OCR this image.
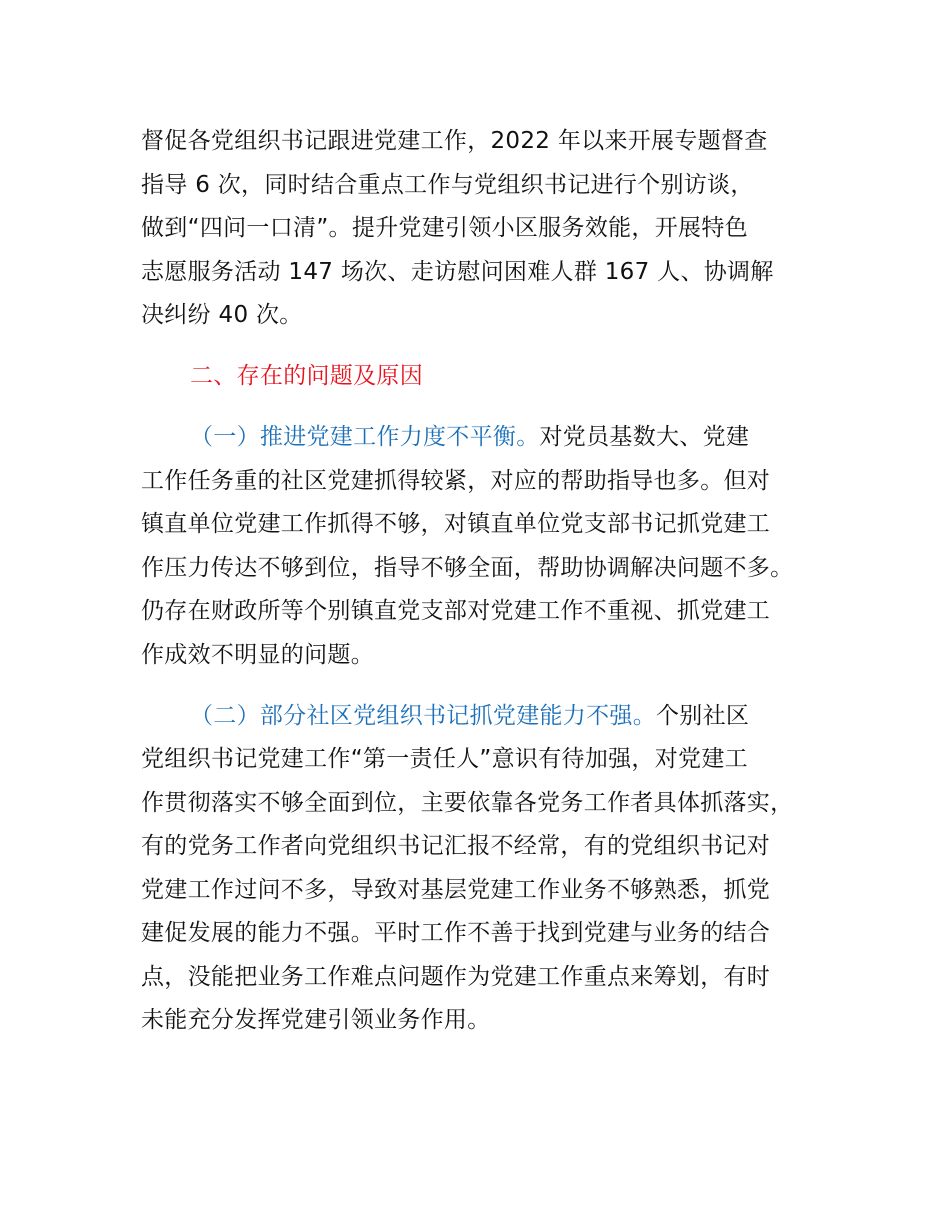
督促各党组织书记跟进党建工作，2022 年以来开展专题督查

指导 6 次，同时结合重点工作与党组织书记进行个别访谈，

做到“四问一口清”。提升党建引领小区服务效能，开展特色

志愿服务活动 147 场次、走访慰问困难人群 167 人、协调解

决纠纷 40 次。

二、存在的问题及原因

（一）推进党建工作力度不平衡。对党员基数大、党建

工作任务重的社区党建抓得较紧，对应的帮助指导也多。但对

镇直单位党建工作抓得不够，对镇直单位党支部书记抓党建工

作压力传达不够到位，指导不够全面，帮助协调解决问题不多。

仍存在财政所等个别镇直党支部对党建工作不重视、抓党建工

作成效不明显的问题。

（二）部分社区党组织书记抓党建能力不强。个别社区

党组织书记党建工作“第一责任人”意识有待加强，对党建工

作贯彻落实不够全面到位，主要依靠各党务工作者具体抓落实，

有的党务工作者向党组织书记汇报不经常，有的党组织书记对

党建工作过问不多，导致对基层党建工作业务不够熟悉，抓党

建促发展的能力不强。平时工作不善于找到党建与业务的结合

点，没能把业务工作难点问题作为党建工作重点来筹划，有时

未能充分发挥党建引领业务作用。
